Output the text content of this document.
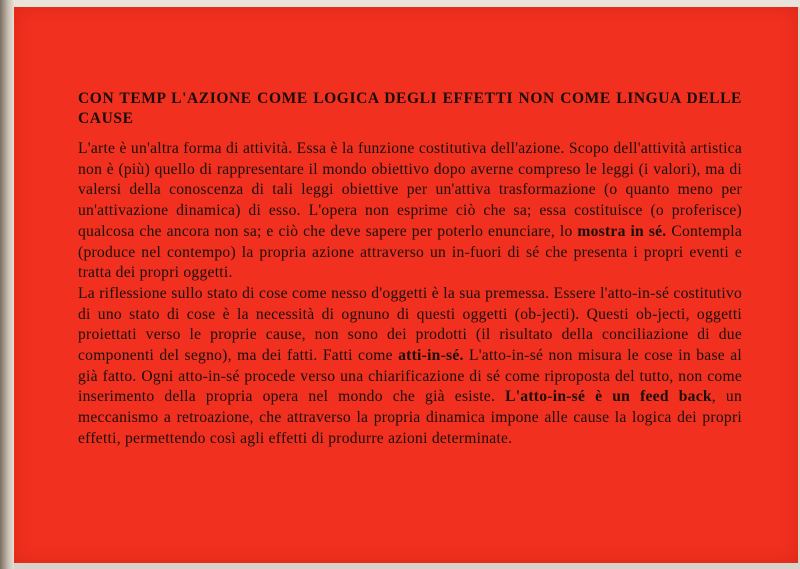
CON TEMP L'AZIONE COME LOGICA DEGLI EFFETTI NON COME LINGUA DELLE CAUSE

L'arte è un'altra forma di attività. Essa è la funzione costitutiva dell'azione. Scopo dell'attività artistica non è (più) quello di rappresentare il mondo obiettivo dopo averne compreso le leggi (i valori), ma di valersi della conoscenza di tali leggi obiettive per un'attiva trasformazione (o quanto meno per un'attivazione dinamica) di esso. L'opera non esprime ciò che sa; essa costituisce (o proferisce) qualcosa che ancora non sa; e ciò che deve sapere per poterlo enunciare, lo mostra in sé. Contempla (produce nel contempo) la propria azione attraverso un in-fuori di sé che presenta i propri eventi e tratta dei propri oggetti.

La riflessione sullo stato di cose come nesso d'oggetti è la sua premessa. Essere l'atto-in-sé costitutivo di uno stato di cose è la necessità di ognuno di questi oggetti (ob-jecti). Questi ob-jecti, oggetti proiettati verso le proprie cause, non sono dei prodotti (il risultato della conciliazione di due componenti del segno), ma dei fatti. Fatti come atti-in-sé. L'atto-in-sé non misura le cose in base al già fatto. Ogni atto-in-sé procede verso una chiarificazione di sé come riproposta del tutto, non come inserimento della propria opera nel mondo che già esiste. L'atto-in-sé è un feed back, un meccanismo a retroazione, che attraverso la propria dinamica impone alle cause la logica dei propri effetti, permettendo così agli effetti di produrre azioni determinate.
